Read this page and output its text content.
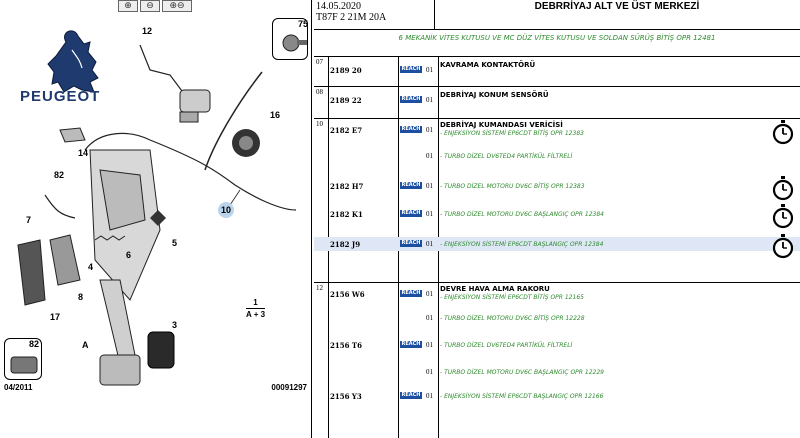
⊕	⊖	⊕⊖
PEUGEOT
75
82
12
16
14
82
7
5
6
4
8
17
3
A
10
1
A + 3
04/2011	00091297
14.05.2020
T87F 2 21M 20A
DEBRRİYAJ ALT VE ÜST MERKEZİ
6 MEKANİK VİTES KUTUSU VE MC DÜZ VİTES KUTUSU VE SOLDAN SÜRÜŞ BİTİŞ OPR 12481
07
2189 20	REACH 01
KAVRAMA KONTAKTÖRÜ
08
2189 22	REACH 01
DEBRİYAJ KONUM SENSÖRÜ
10
2182 E7	REACH 01
DEBRİYAJ KUMANDASI VERİCİSİ
- ENJEKSİYON SİSTEMİ EP6CDT BİTİŞ OPR 12383
01 - TURBO DİZEL DV6TED4 PARTİKÜL FİLTRELİ
2182 H7	REACH 01 - TURBO DİZEL MOTORU DV6C BİTİŞ OPR 12383
2182 K1	REACH 01 - TURBO DİZEL MOTORU DV6C BAŞLANGIÇ OPR 12384
2182 J9	REACH 01 - ENJEKSİYON SİSTEMİ EP6CDT BAŞLANGIÇ OPR 12384
12
2156 W6	REACH 01
DEVRE HAVA ALMA RAKORU
- ENJEKSİYON SİSTEMİ EP6CDT BİTİŞ OPR 12165
01 - TURBO DİZEL MOTORU DV6C BİTİŞ OPR 12228
2156 T6	REACH 01 - TURBO DİZEL DV6TED4 PARTİKÜL FİLTRELİ
01 - TURBO DİZEL MOTORU DV6C BAŞLANGIÇ OPR 12229
2156 Y3	REACH 01 - ENJEKSİYON SİSTEMİ EP6CDT BAŞLANGIÇ OPR 12166
